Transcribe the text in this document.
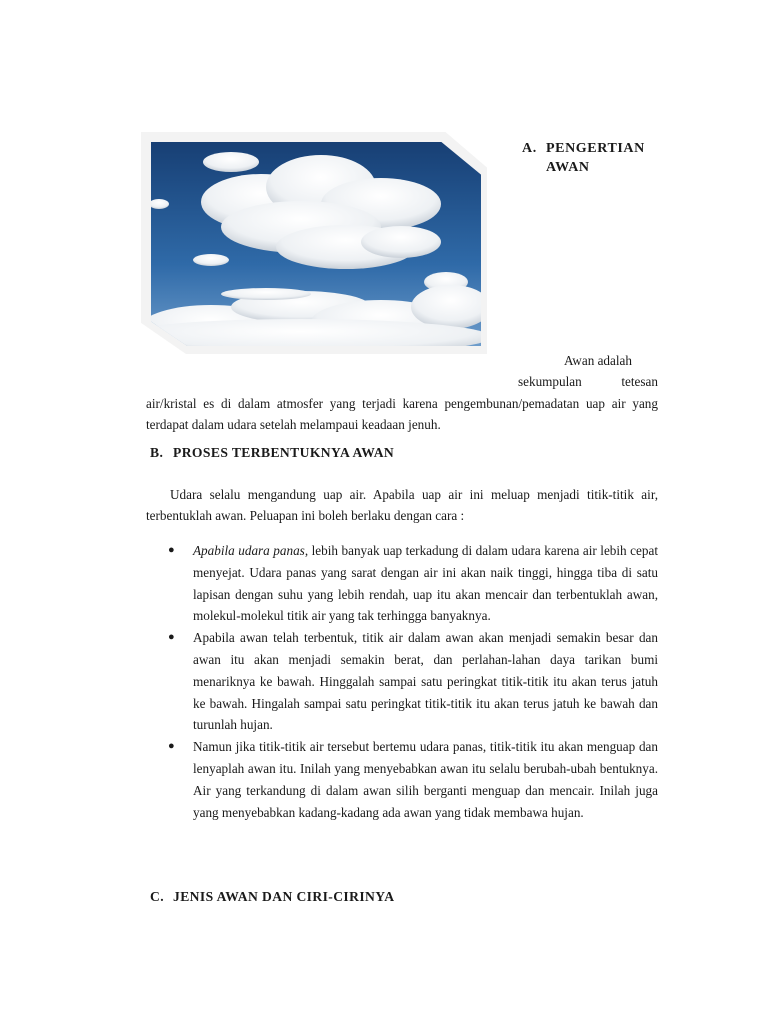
A. PENGERTIAN
AWAN
Awan adalah
sekumpulan	tetesan
air/kristal es di dalam atmosfer yang terjadi karena pengembunan/pemadatan uap air yang terdapat dalam udara setelah melampaui keadaan jenuh.
B. PROSES TERBENTUKNYA AWAN
Udara selalu mengandung uap air. Apabila uap air ini meluap menjadi titik-titik air, terbentuklah awan. Peluapan ini boleh berlaku dengan cara :
● Apabila udara panas, lebih banyak uap terkadung di dalam udara karena air lebih cepat menyejat. Udara panas yang sarat dengan air ini akan naik tinggi, hingga tiba di satu lapisan dengan suhu yang lebih rendah, uap itu akan mencair dan terbentuklah awan, molekul-molekul titik air yang tak terhingga banyaknya.
● Apabila awan telah terbentuk, titik air dalam awan akan menjadi semakin besar dan awan itu akan menjadi semakin berat, dan perlahan-lahan daya tarikan bumi menariknya ke bawah. Hinggalah sampai satu peringkat titik-titik itu akan terus jatuh ke bawah. Hingalah sampai satu peringkat titik-titik itu akan terus jatuh ke bawah dan turunlah hujan.
● Namun jika titik-titik air tersebut bertemu udara panas, titik-titik itu akan menguap dan lenyaplah awan itu. Inilah yang menyebabkan awan itu selalu berubah-ubah bentuknya. Air yang terkandung di dalam awan silih berganti menguap dan mencair. Inilah juga yang menyebabkan kadang-kadang ada awan yang tidak membawa hujan.
C. JENIS AWAN DAN CIRI-CIRINYA
